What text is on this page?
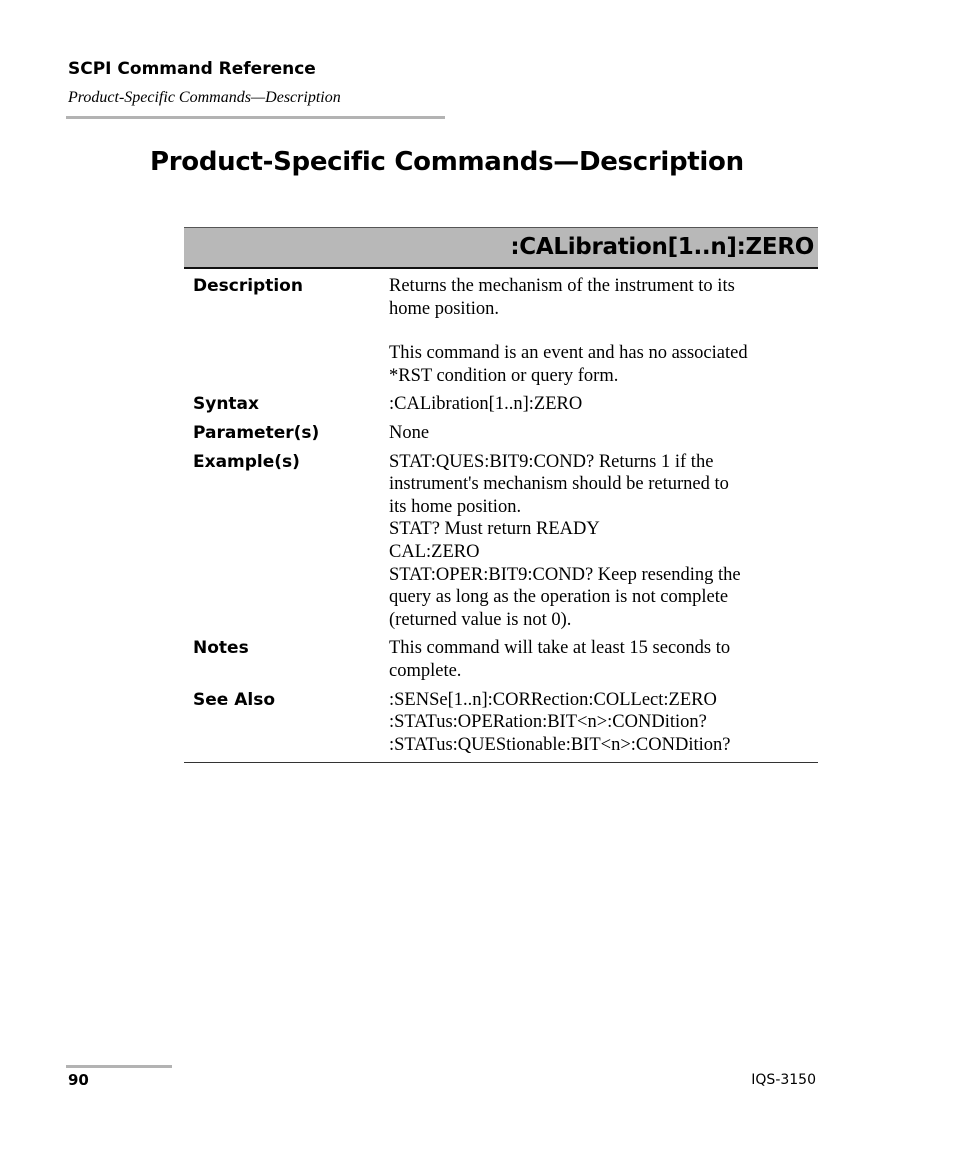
SCPI Command Reference
Product-Specific Commands—Description
Product-Specific Commands—Description
:CALibration[1..n]:ZERO
Description	Returns the mechanism of the instrument to its
home position.
This command is an event and has no associated
*RST condition or query form.
Syntax	:CALibration[1..n]:ZERO
Parameter(s)	None
Example(s)	STAT:QUES:BIT9:COND? Returns 1 if the
instrument's mechanism should be returned to
its home position.
STAT? Must return READY
CAL:ZERO
STAT:OPER:BIT9:COND? Keep resending the
query as long as the operation is not complete
(returned value is not 0).
Notes	This command will take at least 15 seconds to
complete.
See Also	:SENSe[1..n]:CORRection:COLLect:ZERO
:STATus:OPERation:BIT<n>:CONDition?
:STATus:QUEStionable:BIT<n>:CONDition?
90	IQS-3150
